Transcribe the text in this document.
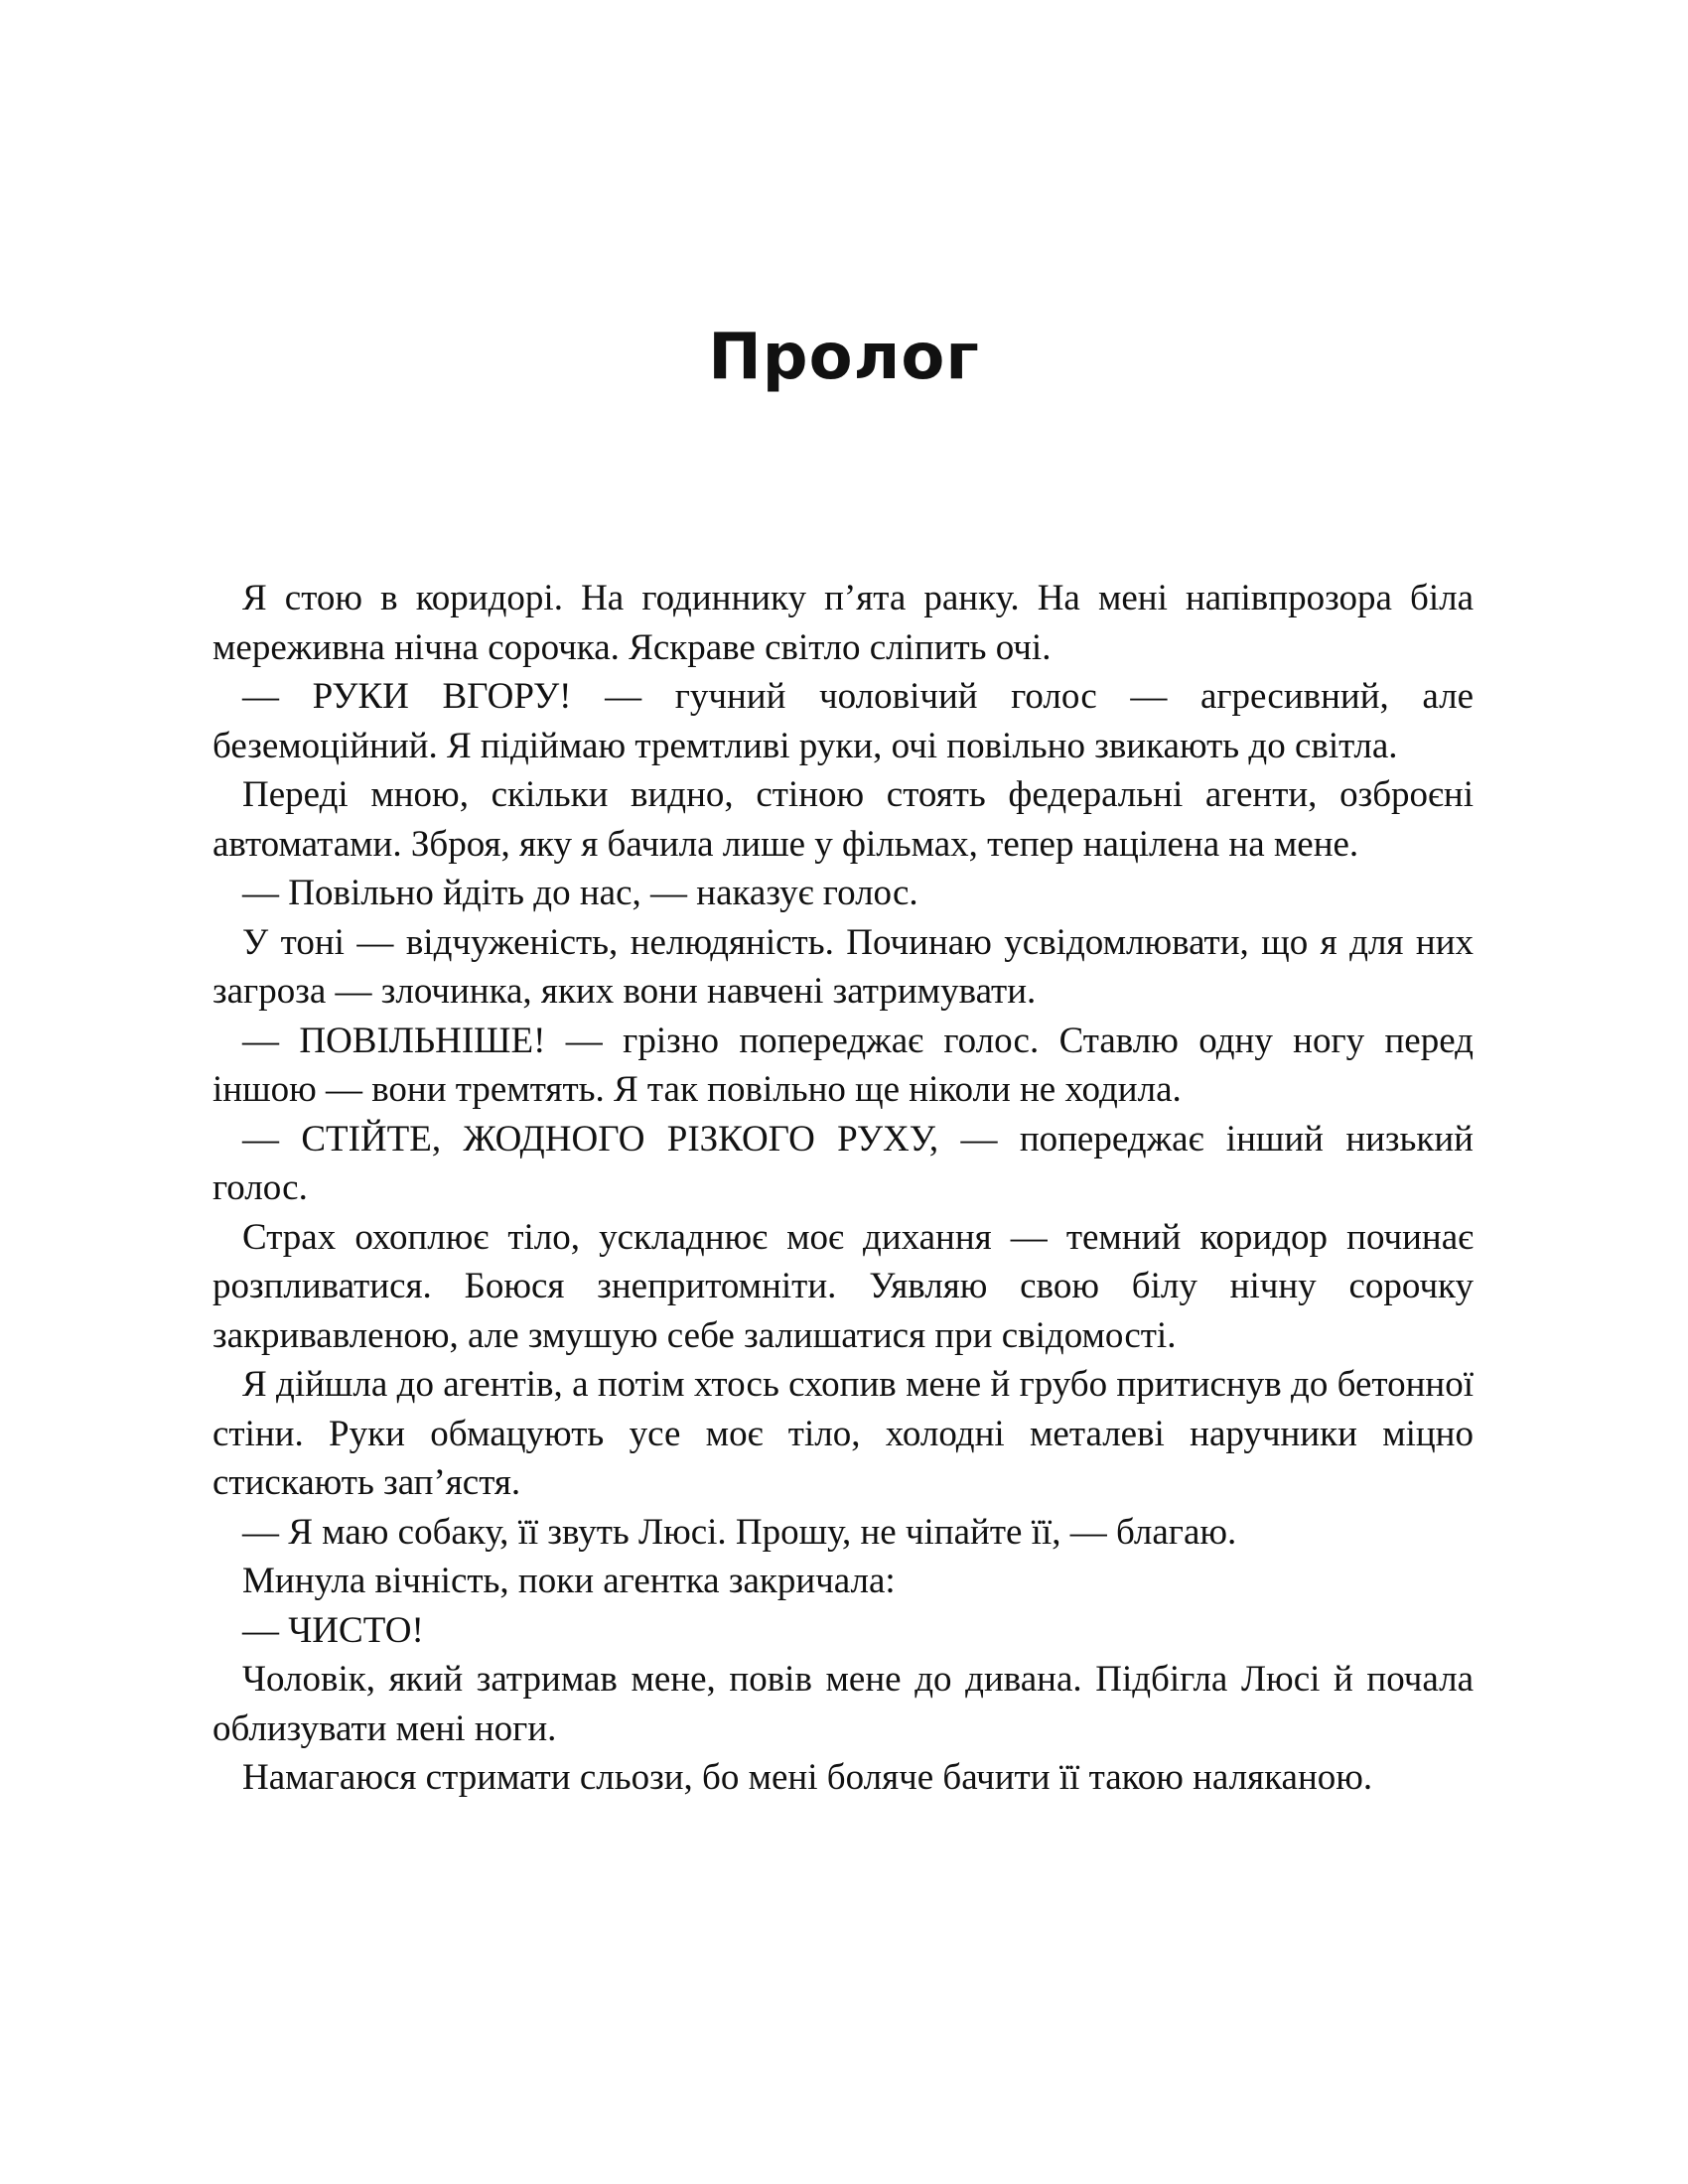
Пролог

Я стою в коридорі. На годиннику п’ята ранку. На мені напівпрозора біла мереживна нічна сорочка. Яскраве світло сліпить очі.

— РУКИ ВГОРУ! — гучний чоловічий голос — агресивний, але беземоційний. Я підіймаю тремтливі руки, очі повільно звикають до світла.

Переді мною, скільки видно, стіною стоять федеральні агенти, озброєні автоматами. Зброя, яку я бачила лише у фільмах, тепер націлена на мене.

— Повільно йдіть до нас, — наказує голос.

У тоні — відчуженість, нелюдяність. Починаю усвідомлювати, що я для них загроза — злочинка, яких вони навчені затримувати.

— ПОВІЛЬНІШЕ! — грізно попереджає голос. Ставлю одну ногу перед іншою — вони тремтять. Я так повільно ще ніколи не ходила.

— СТІЙТЕ, ЖОДНОГО РІЗКОГО РУХУ, — попереджає інший низький голос.

Страх охоплює тіло, ускладнює моє дихання — темний коридор починає розпливатися. Боюся знепритомніти. Уявляю свою білу нічну сорочку закривавленою, але змушую себе залишатися при свідомості.

Я дійшла до агентів, а потім хтось схопив мене й грубо притиснув до бетонної стіни. Руки обмацують усе моє тіло, холодні металеві наручники міцно стискають зап’ястя.

— Я маю собаку, її звуть Люсі. Прошу, не чіпайте її, — благаю.

Минула вічність, поки агентка закричала:

— ЧИСТО!

Чоловік, який затримав мене, повів мене до дивана. Підбігла Люсі й почала облизувати мені ноги.

Намагаюся стримати сльози, бо мені боляче бачити її такою наляканою.
